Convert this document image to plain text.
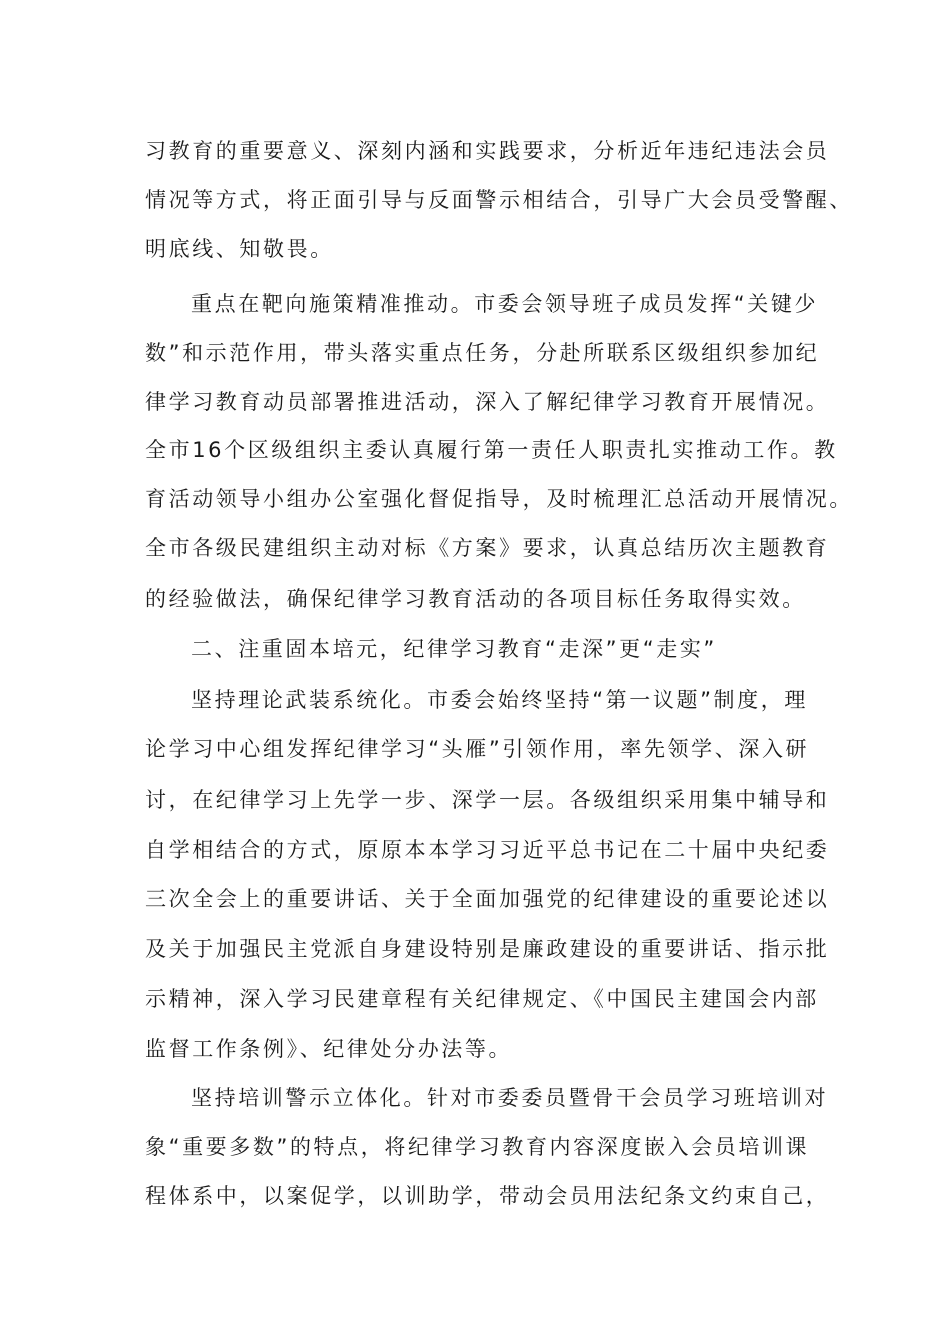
习教育的重要意义、深刻内涵和实践要求，分析近年违纪违法会员
情况等方式，将正面引导与反面警示相结合，引导广大会员受警醒、
明底线、知敬畏。
重点在靶向施策精准推动。市委会领导班子成员发挥“关键少
数”和示范作用，带头落实重点任务，分赴所联系区级组织参加纪
律学习教育动员部署推进活动，深入了解纪律学习教育开展情况。
全市16个区级组织主委认真履行第一责任人职责扎实推动工作。教
育活动领导小组办公室强化督促指导，及时梳理汇总活动开展情况。
全市各级民建组织主动对标《方案》要求，认真总结历次主题教育
的经验做法，确保纪律学习教育活动的各项目标任务取得实效。
二、注重固本培元，纪律学习教育“走深”更“走实”
坚持理论武装系统化。市委会始终坚持“第一议题”制度，理
论学习中心组发挥纪律学习“头雁”引领作用，率先领学、深入研
讨，在纪律学习上先学一步、深学一层。各级组织采用集中辅导和
自学相结合的方式，原原本本学习习近平总书记在二十届中央纪委
三次全会上的重要讲话、关于全面加强党的纪律建设的重要论述以
及关于加强民主党派自身建设特别是廉政建设的重要讲话、指示批
示精神，深入学习民建章程有关纪律规定、《中国民主建国会内部
监督工作条例》、纪律处分办法等。
坚持培训警示立体化。针对市委委员暨骨干会员学习班培训对
象“重要多数”的特点，将纪律学习教育内容深度嵌入会员培训课
程体系中，以案促学，以训助学，带动会员用法纪条文约束自己，
